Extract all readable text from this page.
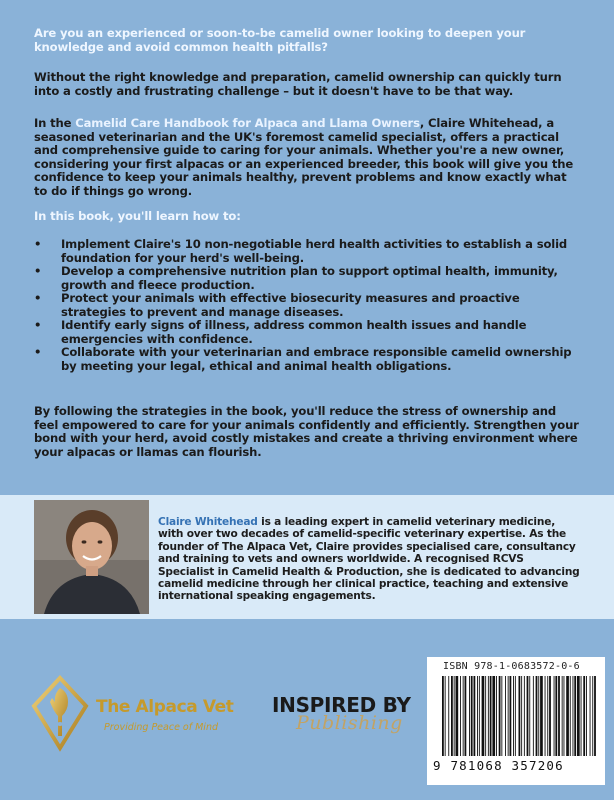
Are you an experienced or soon-to-be camelid owner looking to deepen your knowledge and avoid common health pitfalls?
Without the right knowledge and preparation, camelid ownership can quickly turn into a costly and frustrating challenge – but it doesn't have to be that way.
In the Camelid Care Handbook for Alpaca and Llama Owners, Claire Whitehead, a seasoned veterinarian and the UK's foremost camelid specialist, offers a practical and comprehensive guide to caring for your animals. Whether you're a new owner, considering your first alpacas or an experienced breeder, this book will give you the confidence to keep your animals healthy, prevent problems and know exactly what to do if things go wrong.
In this book, you'll learn how to:
• Implement Claire's 10 non-negotiable herd health activities to establish a solid foundation for your herd's well-being.
• Develop a comprehensive nutrition plan to support optimal health, immunity, growth and fleece production.
• Protect your animals with effective biosecurity measures and proactive strategies to prevent and manage diseases.
• Identify early signs of illness, address common health issues and handle emergencies with confidence.
• Collaborate with your veterinarian and embrace responsible camelid ownership by meeting your legal, ethical and animal health obligations.
By following the strategies in the book, you'll reduce the stress of ownership and feel empowered to care for your animals confidently and efficiently. Strengthen your bond with your herd, avoid costly mistakes and create a thriving environment where your alpacas or llamas can flourish.
Claire Whitehead is a leading expert in camelid veterinary medicine, with over two decades of camelid-specific veterinary expertise. As the founder of The Alpaca Vet, Claire provides specialised care, consultancy and training to vets and owners worldwide. A recognised RCVS Specialist in Camelid Health & Production, she is dedicated to advancing camelid medicine through her clinical practice, teaching and extensive international speaking engagements.
The Alpaca Vet
Providing Peace of Mind
INSPIRED BY
Publishing
ISBN 978-1-0683572-0-6
9 781068 357206
